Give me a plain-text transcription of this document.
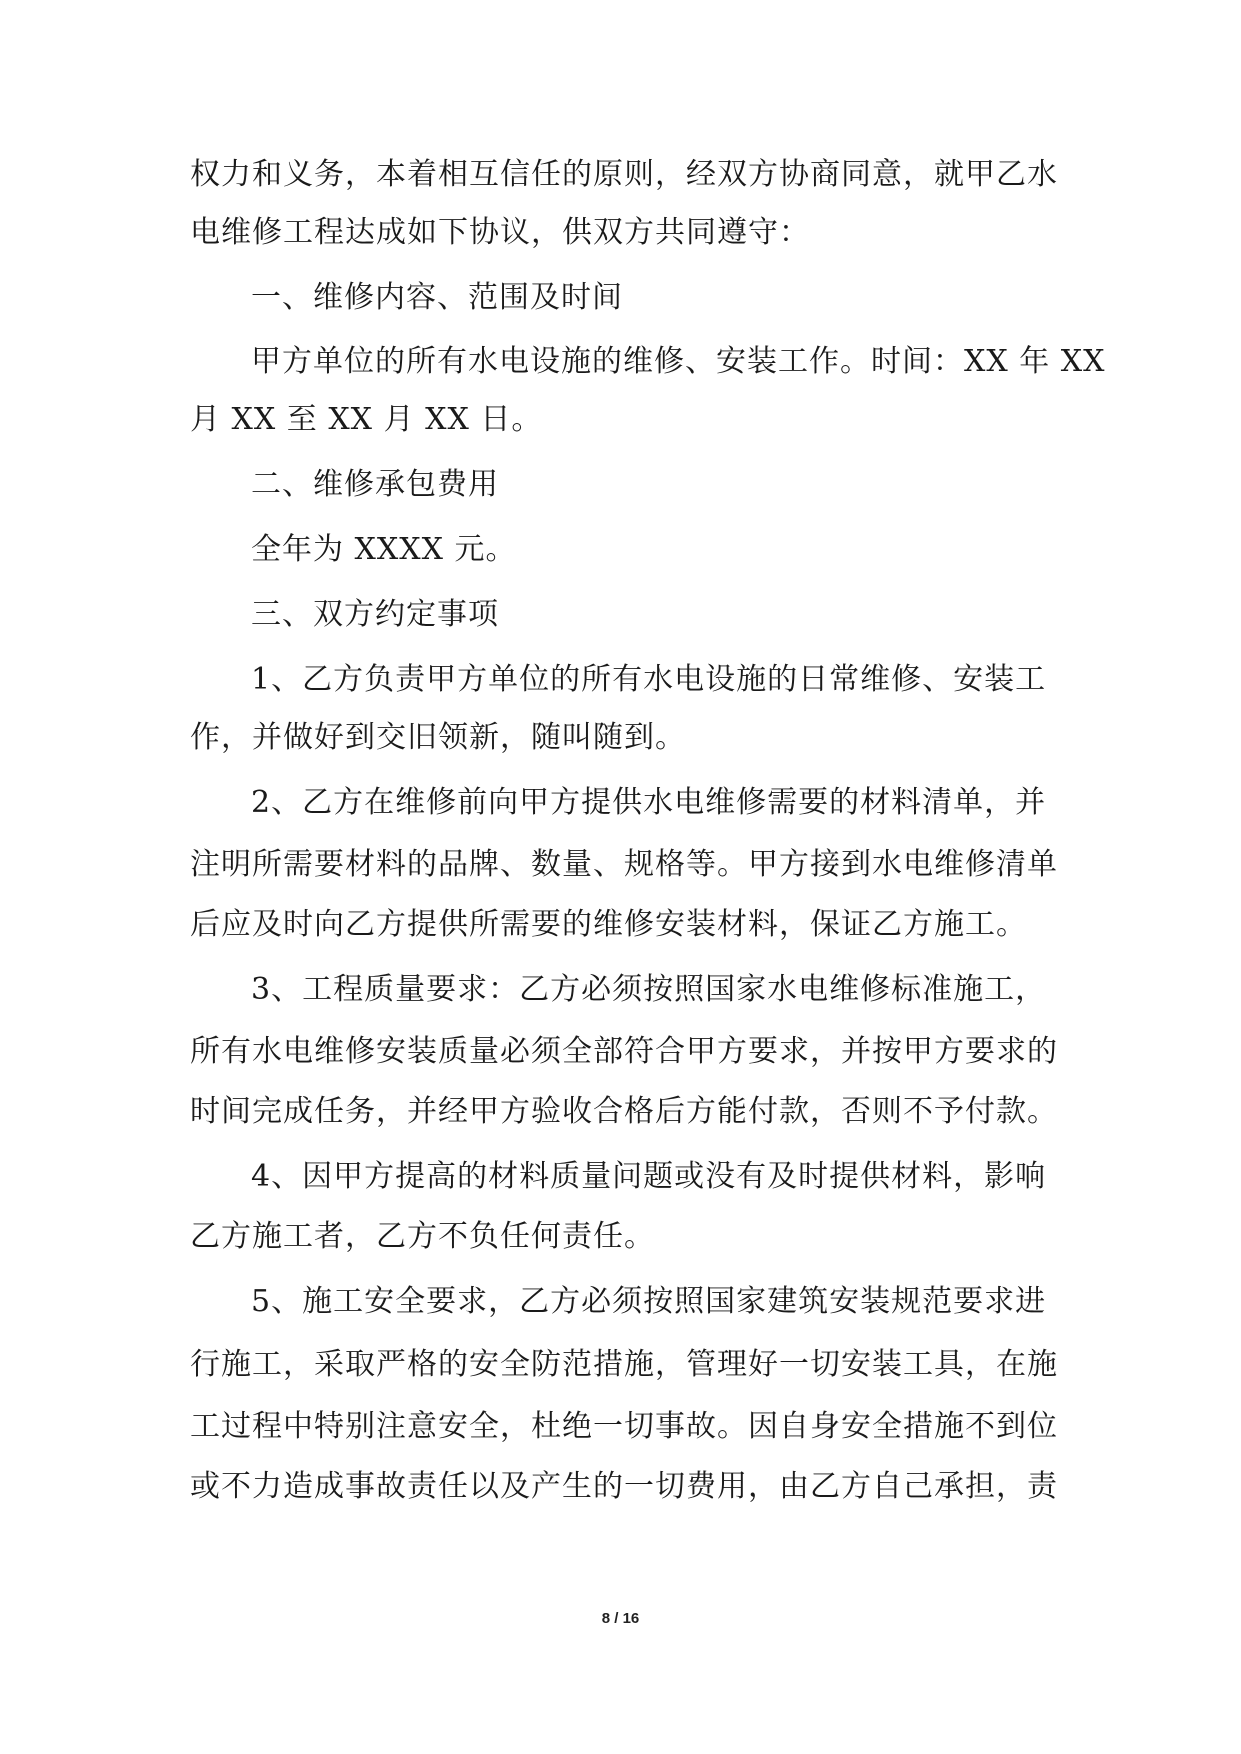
权力和义务，本着相互信任的原则，经双方协商同意，就甲乙水
电维修工程达成如下协议，供双方共同遵守：
一、维修内容、范围及时间
甲方单位的所有水电设施的维修、安装工作。时间：XX 年 XX
月 XX 至 XX 月 XX 日。
二、维修承包费用
全年为 XXXX 元。
三、双方约定事项
1、乙方负责甲方单位的所有水电设施的日常维修、安装工
作，并做好到交旧领新，随叫随到。
2、乙方在维修前向甲方提供水电维修需要的材料清单，并
注明所需要材料的品牌、数量、规格等。甲方接到水电维修清单
后应及时向乙方提供所需要的维修安装材料，保证乙方施工。
3、工程质量要求：乙方必须按照国家水电维修标准施工，
所有水电维修安装质量必须全部符合甲方要求，并按甲方要求的
时间完成任务，并经甲方验收合格后方能付款，否则不予付款。
4、因甲方提高的材料质量问题或没有及时提供材料，影响
乙方施工者，乙方不负任何责任。
5、施工安全要求，乙方必须按照国家建筑安装规范要求进
行施工，采取严格的安全防范措施，管理好一切安装工具，在施
工过程中特别注意安全，杜绝一切事故。因自身安全措施不到位
或不力造成事故责任以及产生的一切费用，由乙方自己承担，责
8 / 16
